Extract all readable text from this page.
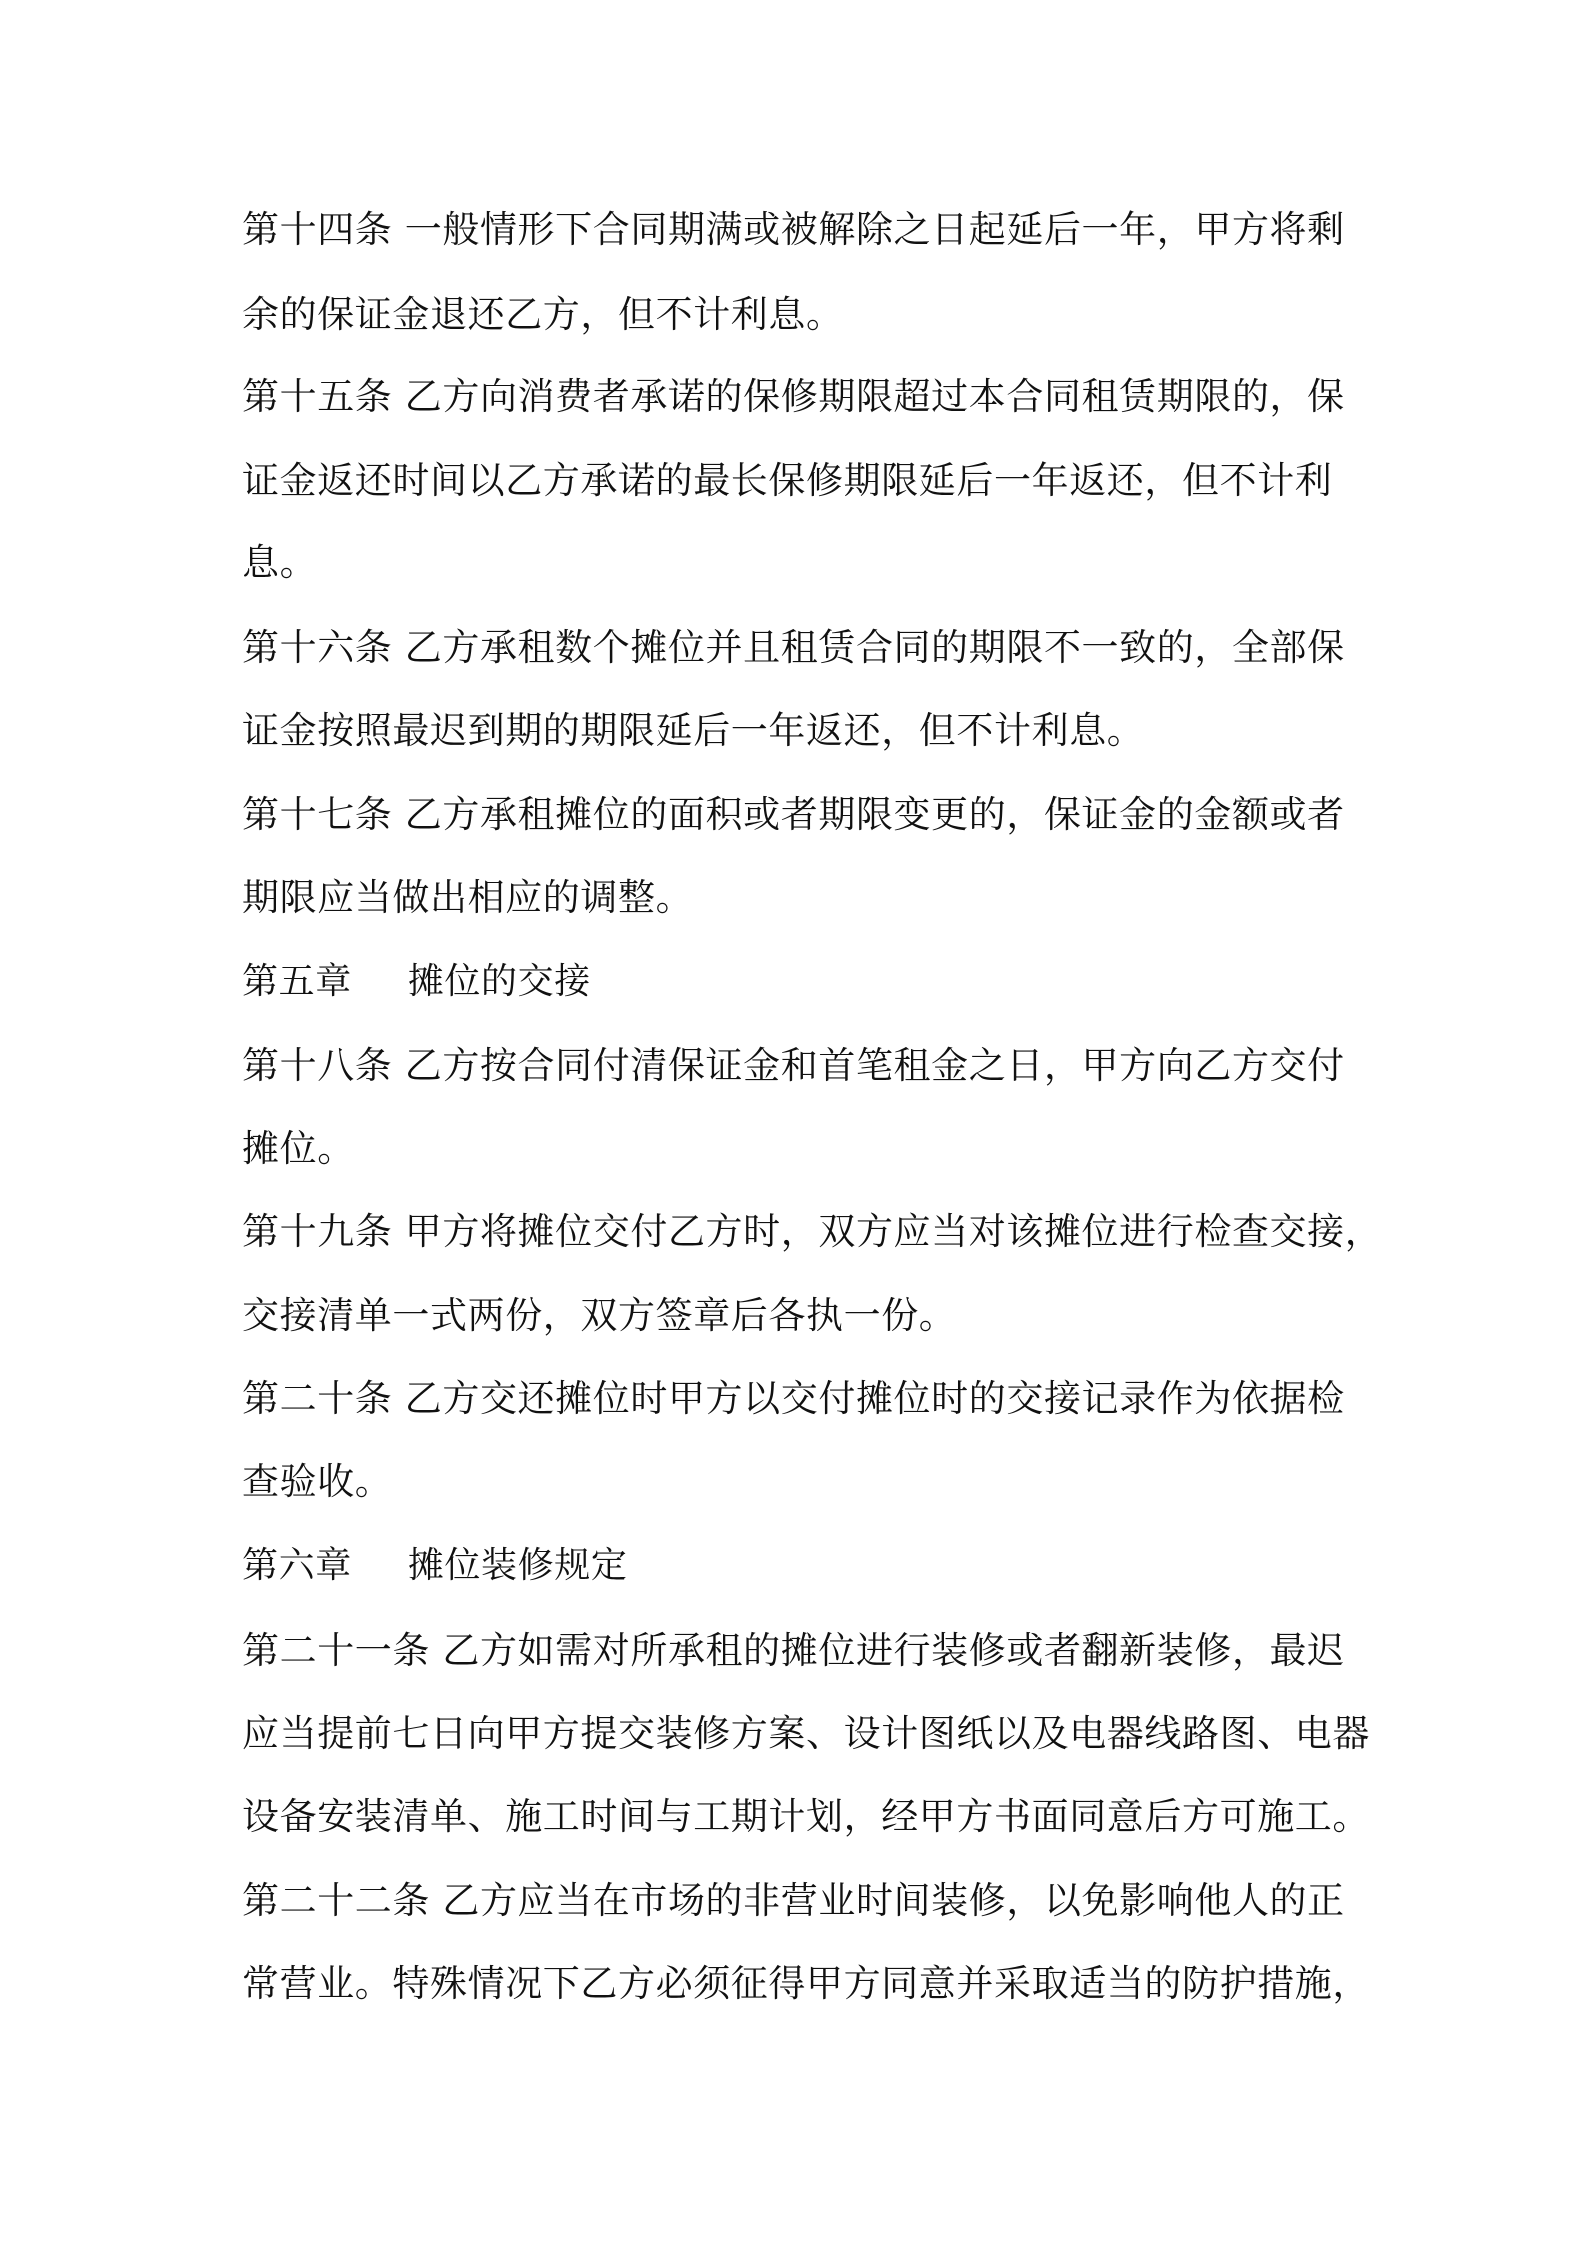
第十四条 一般情形下合同期满或被解除之日起延后一年，甲方将剩
余的保证金退还乙方，但不计利息。
第十五条 乙方向消费者承诺的保修期限超过本合同租赁期限的，保
证金返还时间以乙方承诺的最长保修期限延后一年返还，但不计利
息。
第十六条 乙方承租数个摊位并且租赁合同的期限不一致的，全部保
证金按照最迟到期的期限延后一年返还，但不计利息。
第十七条 乙方承租摊位的面积或者期限变更的，保证金的金额或者
期限应当做出相应的调整。
第五章 摊位的交接
第十八条 乙方按合同付清保证金和首笔租金之日，甲方向乙方交付
摊位。
第十九条 甲方将摊位交付乙方时，双方应当对该摊位进行检查交接，
交接清单一式两份，双方签章后各执一份。
第二十条 乙方交还摊位时甲方以交付摊位时的交接记录作为依据检
查验收。
第六章 摊位装修规定
第二十一条 乙方如需对所承租的摊位进行装修或者翻新装修，最迟
应当提前七日向甲方提交装修方案、设计图纸以及电器线路图、电器
设备安装清单、施工时间与工期计划，经甲方书面同意后方可施工。
第二十二条 乙方应当在市场的非营业时间装修，以免影响他人的正
常营业。特殊情况下乙方必须征得甲方同意并采取适当的防护措施，
